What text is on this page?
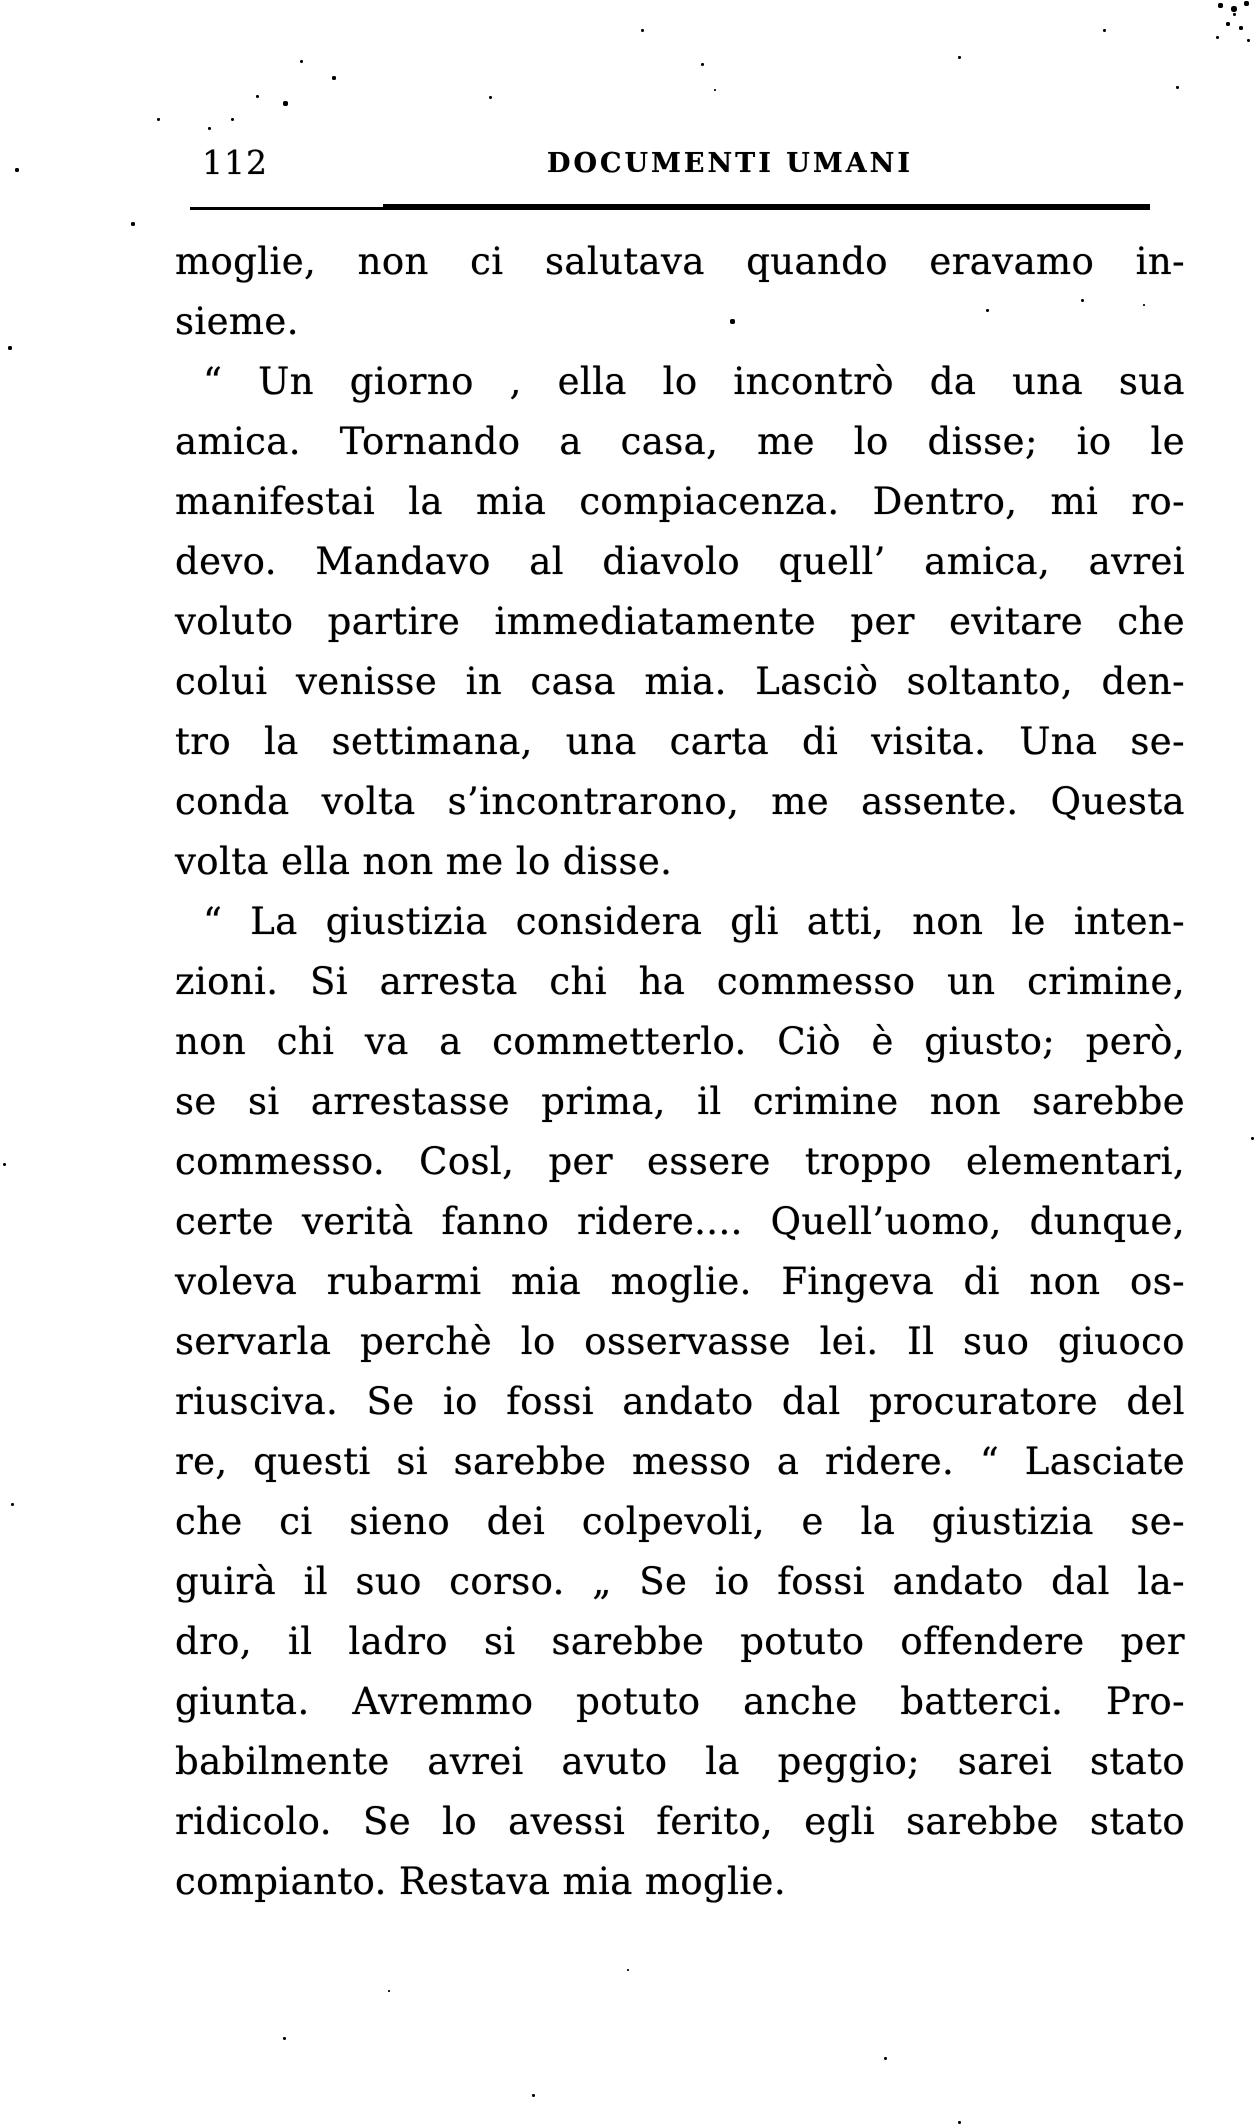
112	DOCUMENTI UMANI
moglie, non ci salutava quando eravamo in-
sieme.
“ Un giorno , ella lo incontrò da una sua
amica. Tornando a casa, me lo disse; io le
manifestai la mia compiacenza. Dentro, mi ro-
devo. Mandavo al diavolo quell’ amica, avrei
voluto partire immediatamente per evitare che
colui venisse in casa mia. Lasciò soltanto, den-
tro la settimana, una carta di visita. Una se-
conda volta s’incontrarono, me assente. Questa
volta ella non me lo disse.
“ La giustizia considera gli atti, non le inten-
zioni. Si arresta chi ha commesso un crimine,
non chi va a commetterlo. Ciò è giusto; però,
se si arrestasse prima, il crimine non sarebbe
commesso. Cosl, per essere troppo elementari,
certe verità fanno ridere.... Quell’uomo, dunque,
voleva rubarmi mia moglie. Fingeva di non os-
servarla perchè lo osservasse lei. Il suo giuoco
riusciva. Se io fossi andato dal procuratore del
re, questi si sarebbe messo a ridere. “ Lasciate
che ci sieno dei colpevoli, e la giustizia se-
guirà il suo corso. „ Se io fossi andato dal la-
dro, il ladro si sarebbe potuto offendere per
giunta. Avremmo potuto anche batterci. Pro-
babilmente avrei avuto la peggio; sarei stato
ridicolo. Se lo avessi ferito, egli sarebbe stato
compianto. Restava mia moglie.
